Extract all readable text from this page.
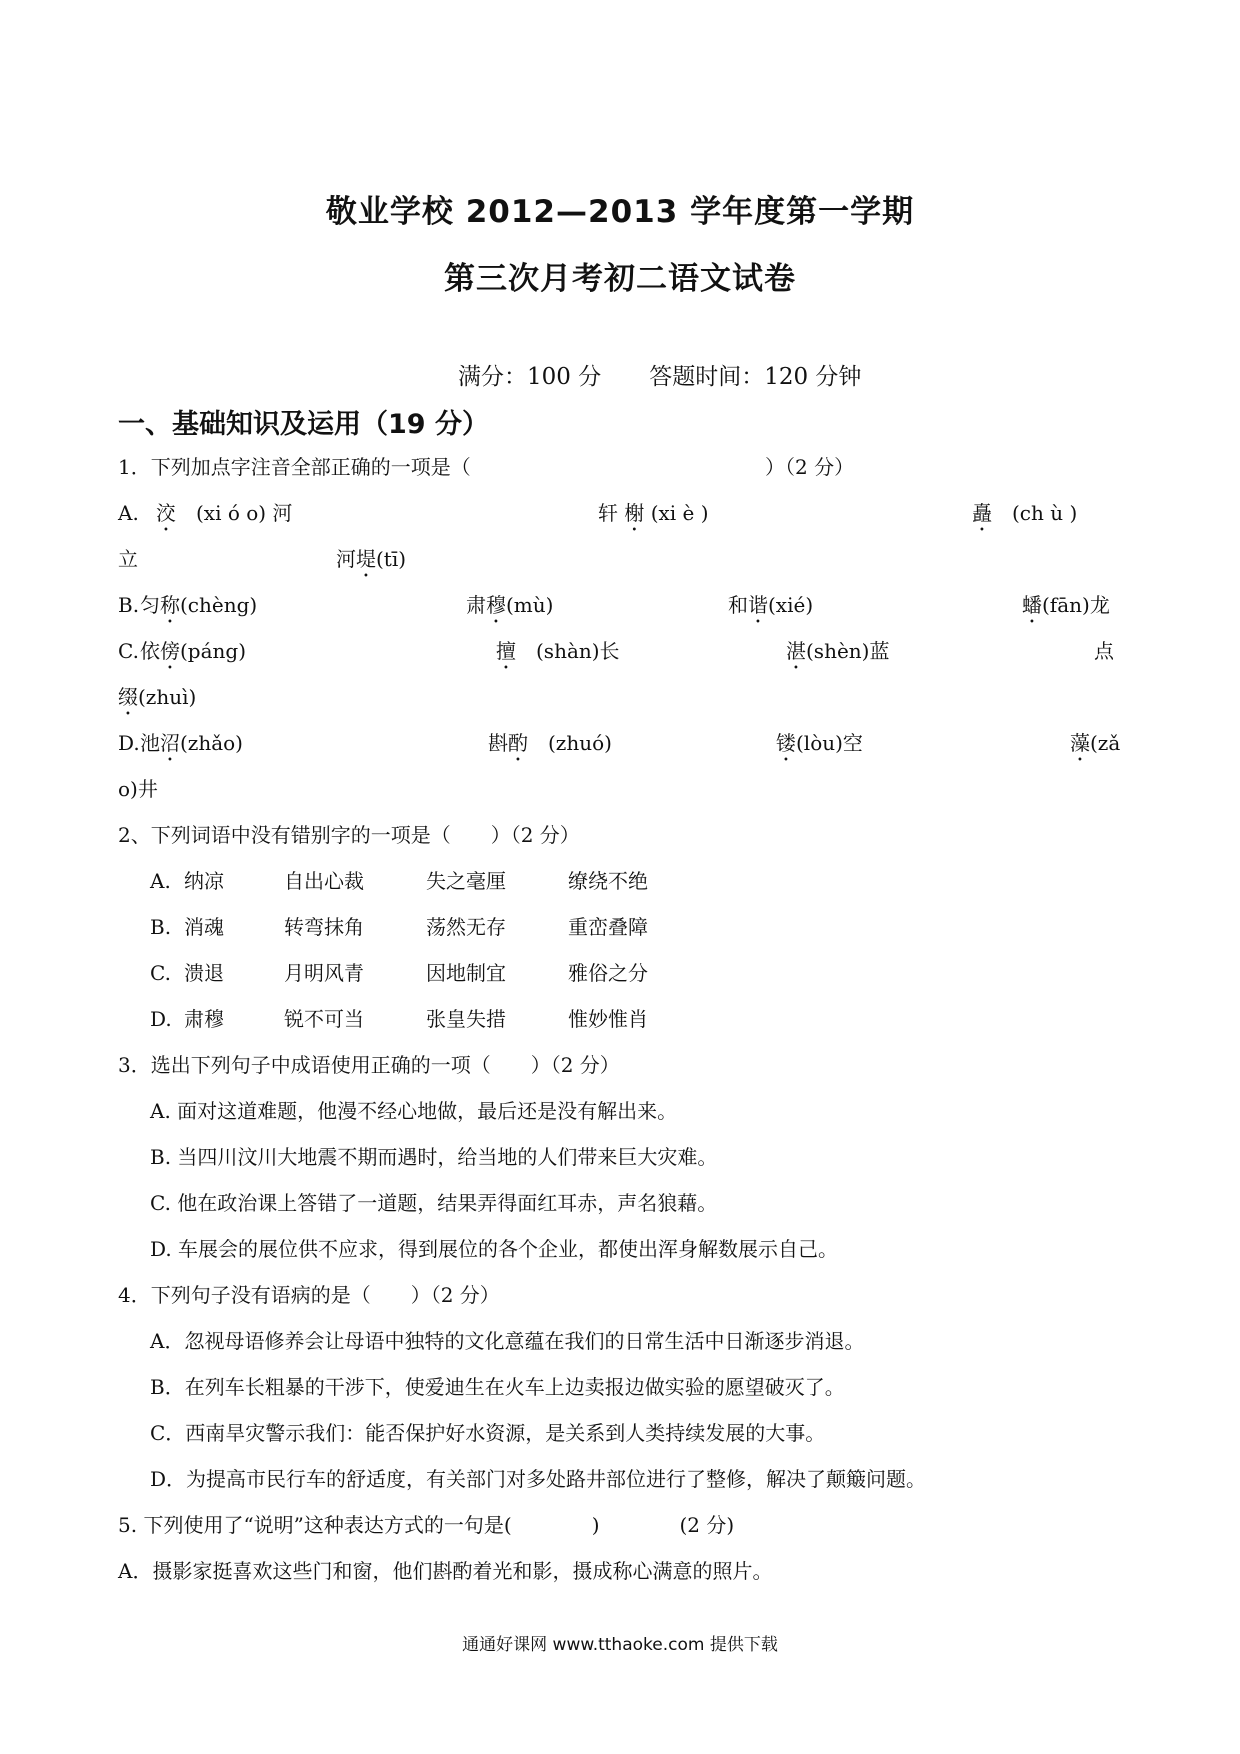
敬业学校 2012—2013 学年度第一学期
第三次月考初二语文试卷
满分：100 分 答题时间：120 分钟
一、基础知识及运用（19 分）
1．下列加点字注音全部正确的一项是（	）（2 分）
A. 洨　 (xi ó o) 河	轩 榭 (xi è )	矗　 (ch ù )
立	河堤(tī)
B. 匀称(chèng)	肃穆(mù)	和谐(xié)	蟠(fān)龙
C. 依傍(páng)	擅　 (shàn)长	湛(shèn)蓝	点
缀(zhuì)
D. 池沼(zhǎo)	斟酌　 (zhuó)	镂(lòu)空	藻(zǎ
o)井
2、下列词语中没有错别字的一项是（　　）（2 分）
A. 纳凉	自出心裁	失之毫厘	缭绕不绝
B. 消魂	转弯抹角	荡然无存	重峦叠障
C. 溃退	月明风青	因地制宜	雅俗之分
D. 肃穆	锐不可当	张皇失措	惟妙惟肖
3．选出下列句子中成语使用正确的一项（　　）（2 分）
A. 面对这道难题，他漫不经心地做，最后还是没有解出来。
B. 当四川汶川大地震不期而遇时，给当地的人们带来巨大灾难。
C. 他在政治课上答错了一道题，结果弄得面红耳赤，声名狼藉。
D. 车展会的展位供不应求，得到展位的各个企业，都使出浑身解数展示自己。
4．下列句子没有语病的是（　　）（2 分）
A．忽视母语修养会让母语中独特的文化意蕴在我们的日常生活中日渐逐步消退。
B．在列车长粗暴的干涉下，使爱迪生在火车上边卖报边做实验的愿望破灭了。
C．西南旱灾警示我们：能否保护好水资源，是关系到人类持续发展的大事。
D．为提高市民行车的舒适度，有关部门对多处路井部位进行了整修，解决了颠簸问题。
5. 下列使用了“说明”这种表达方式的一句是(　　　　)　　　　(2 分)
A．摄影家挺喜欢这些门和窗，他们斟酌着光和影，摄成称心满意的照片。
通通好课网 www.tthaoke.com 提供下载
